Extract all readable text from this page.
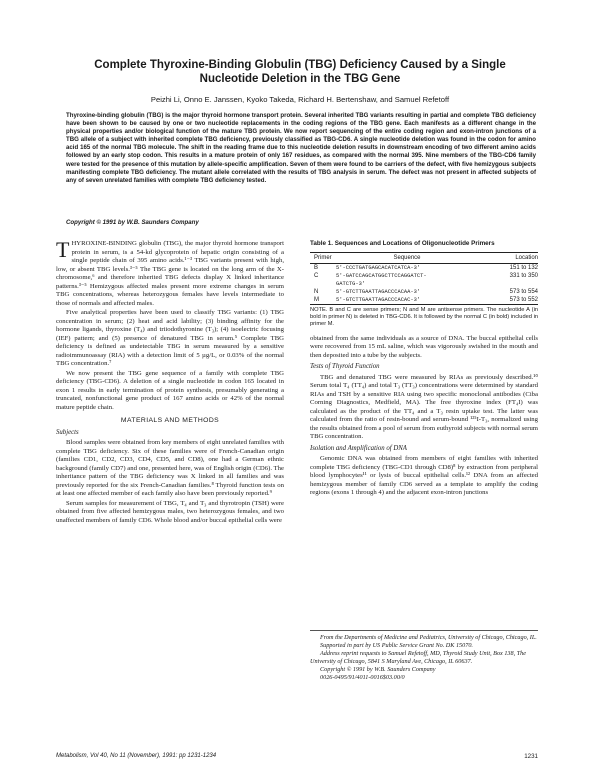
Complete Thyroxine-Binding Globulin (TBG) Deficiency Caused by a Single
Nucleotide Deletion in the TBG Gene
Peizhi Li, Onno E. Janssen, Kyoko Takeda, Richard H. Bertenshaw, and Samuel Refetoff
Thyroxine-binding globulin (TBG) is the major thyroid hormone transport protein. Several inherited TBG variants resulting in partial and complete TBG deficiency have been shown to be caused by one or two nucleotide replacements in the coding regions of the TBG gene. Each manifests as a different change in the physical properties and/or biological function of the mature TBG protein. We now report sequencing of the entire coding region and exon-intron junctions of a TBG allele of a subject with inherited complete TBG deficiency, previously classified as TBG-CD6. A single nucleotide deletion was found in the codon for amino acid 165 of the normal TBG molecule. The shift in the reading frame due to this nucleotide deletion results in downstream encoding of two different amino acids followed by an early stop codon. This results in a mature protein of only 167 residues, as compared with the normal 395. Nine members of the TBG-CD6 family were tested for the presence of this mutation by allele-specific amplification. Seven of them were found to be carriers of the defect, with five hemizygous subjects manifesting complete TBG deficiency. The mutant allele correlated with the results of TBG analysis in serum. The defect was not present in affected subjects of any of seven unrelated families with complete TBG deficiency tested.
Copyright © 1991 by W.B. Saunders Company

THYROXINE-BINDING globulin (TBG), the major thyroid hormone transport protein in serum, is a 54-kd glycoprotein of hepatic origin consisting of a single peptide chain of 395 amino acids.¹⁻³ TBG variants present with high, low, or absent TBG levels.³⁻⁵ The TBG gene is located on the long arm of the X-chromosome,⁶ and therefore inherited TBG defects display X linked inheritance patterns.³⁻⁵ Hemizygous affected males present more extreme changes in serum TBG concentrations, whereas heterozygous females have levels intermediate to those of normals and affected males.

Five analytical properties have been used to classify TBG variants: (1) TBG concentration in serum; (2) heat and acid lability; (3) binding affinity for the hormone ligands, thyroxine (T₄) and triiodothyronine (T₃); (4) isoelectric focusing (IEF) pattern; and (5) presence of denatured TBG in serum.⁵ Complete TBG deficiency is defined as undetectable TBG in serum measured by a sensitive radioimmunoassay (RIA) with a detection limit of 5 µg/L, or 0.03% of the normal TBG concentration.⁷

We now present the TBG gene sequence of a family with complete TBG deficiency (TBG-CD6). A deletion of a single nucleotide in codon 165 located in exon 1 results in early termination of protein synthesis, presumably generating a truncated, nonfunctional gene product of 167 amino acids or 42% of the normal mature peptide chain.

MATERIALS AND METHODS
Subjects

Blood samples were obtained from key members of eight unrelated families with complete TBG deficiency. Six of these families were of French-Canadian origin (families CD1, CD2, CD3, CD4, CD5, and CD8), one had a German ethnic background (family CD7) and one, presented here, was of English origin (CD6). The inheritance pattern of the TBG deficiency was X linked in all families and was previously reported for the six French-Canadian families.⁸ Thyroid function tests on at least one affected member of each family also have been previously reported.⁹

Serum samples for measurement of TBG, T₄ and T₃ and thyrotropin (TSH) were obtained from five affected hemizygous males, two heterozygous females, and two unaffected members of family CD6. Whole blood and/or buccal epithelial cells were

Table 1. Sequences and Locations of Oligonucleotide Primers
Primer	Sequence	Location
B	5'-CCCTGATGAGCACATCATCA-3'	151 to 132
C	5'-GATCCAGCATGGCTTCCAGGATCT-	331 to 350
GATCTG-3'
N	5'-GTCTTGAATTAGACCCACAA-3'	573 to 554
M	5'-GTCTTGAATTAGACCCACAC-3'	573 to 552
NOTE. B and C are sense primers; N and M are antisense primers. The nucleotide A (in bold in primer N) is deleted in TBG-CD6. It is followed by the normal C (in bold) included in primer M.

obtained from the same individuals as a source of DNA. The buccal epithelial cells were recovered from 15 mL saline, which was vigorously swished in the mouth and then deposited into a tube by the subjects.

Tests of Thyroid Function

TBG and denatured TBG were measured by RIAs as previously described.¹⁰ Serum total T₄ (TT₄) and total T₃ (TT₃) concentrations were determined by standard RIAs and TSH by a sensitive RIA using two specific monoclonal antibodies (Ciba Corning Diagnostics, Medfield, MA). The free thyroxine index (FT₄I) was calculated as the product of the TT₄ and a T₃ resin uptake test. The latter was calculated from the ratio of resin-bound and serum-bound ¹²⁵I-T₃, normalized using the results obtained from a pool of serum from euthyroid subjects with normal serum TBG concentration.

Isolation and Amplification of DNA

Genomic DNA was obtained from members of eight families with inherited complete TBG deficiency (TBG-CD1 through CD8)⁸ by extraction from peripheral blood lymphocytes¹¹ or lysis of buccal epithelial cells.¹² DNA from an affected hemizygous member of family CD6 served as a template to amplify the coding regions (exons 1 through 4) and the adjacent exon-intron junctions

From the Departments of Medicine and Pediatrics, University of Chicago, Chicago, IL.

Supported in part by US Public Service Grant No. DK 15070.

Address reprint requests to Samuel Refetoff, MD, Thyroid Study Unit, Box 138, The University of Chicago, 5841 S Maryland Ave, Chicago, IL 60637.

Copyright © 1991 by W.B. Saunders Company

0026-0495/91/4011-0016$03.00/0

Metabolism, Vol 40, No 11 (November), 1991: pp 1231-1234	1231
